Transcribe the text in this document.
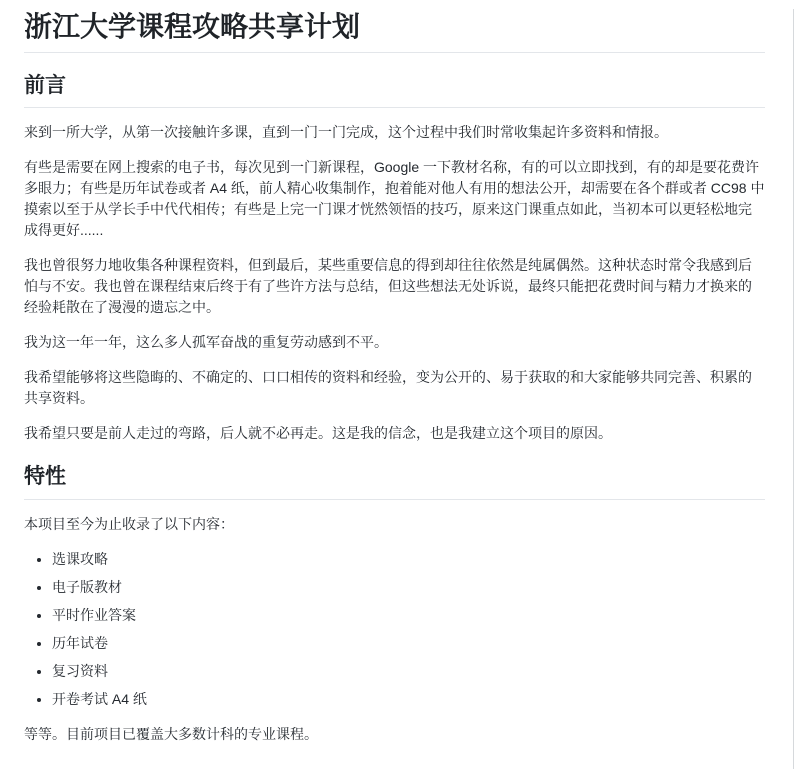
浙江大学课程攻略共享计划
前言

来到一所大学，从第一次接触许多课，直到一门一门完成，这个过程中我们时常收集起许多资料和情报。

有些是需要在网上搜索的电子书，每次见到一门新课程，Google 一下教材名称，有的可以立即找到，有的却是要花费许多眼力；有些是历年试卷或者 A4 纸，前人精心收集制作，抱着能对他人有用的想法公开，却需要在各个群或者 CC98 中摸索以至于从学长手中代代相传；有些是上完一门课才恍然领悟的技巧，原来这门课重点如此，当初本可以更轻松地完成得更好......

我也曾很努力地收集各种课程资料，但到最后，某些重要信息的得到却往往依然是纯属偶然。这种状态时常令我感到后怕与不安。我也曾在课程结束后终于有了些许方法与总结，但这些想法无处诉说，最终只能把花费时间与精力才换来的经验耗散在了漫漫的遗忘之中。

我为这一年一年，这么多人孤军奋战的重复劳动感到不平。

我希望能够将这些隐晦的、不确定的、口口相传的资料和经验，变为公开的、易于获取的和大家能够共同完善、积累的共享资料。

我希望只要是前人走过的弯路，后人就不必再走。这是我的信念，也是我建立这个项目的原因。

特性

本项目至今为止收录了以下内容：

• 选课攻略
• 电子版教材
• 平时作业答案
• 历年试卷
• 复习资料
• 开卷考试 A4 纸

等等。目前项目已覆盖大多数计科的专业课程。
